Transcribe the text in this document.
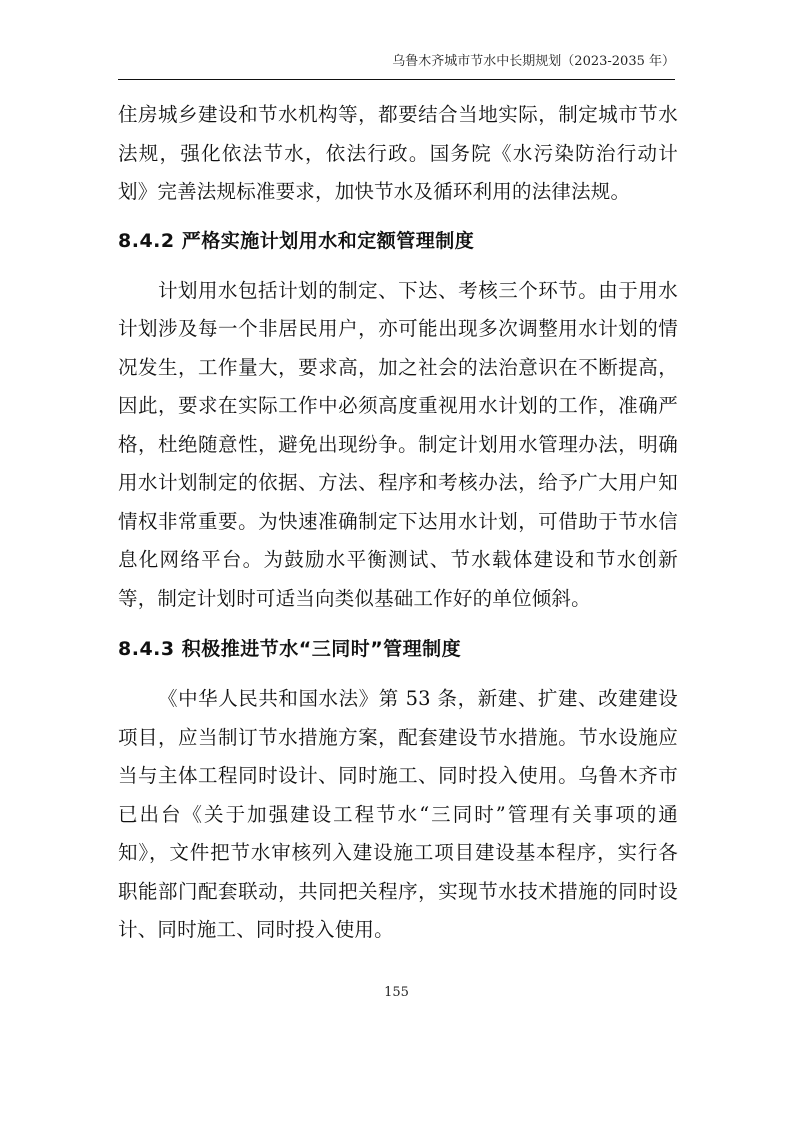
乌鲁木齐城市节水中长期规划（2023-2035 年）

住房城乡建设和节水机构等，都要结合当地实际，制定城市节水法规，强化依法节水，依法行政。国务院《水污染防治行动计划》完善法规标准要求，加快节水及循环利用的法律法规。

8.4.2 严格实施计划用水和定额管理制度

计划用水包括计划的制定、下达、考核三个环节。由于用水计划涉及每一个非居民用户，亦可能出现多次调整用水计划的情况发生，工作量大，要求高，加之社会的法治意识在不断提高，因此，要求在实际工作中必须高度重视用水计划的工作，准确严格，杜绝随意性，避免出现纷争。制定计划用水管理办法，明确用水计划制定的依据、方法、程序和考核办法，给予广大用户知情权非常重要。为快速准确制定下达用水计划，可借助于节水信息化网络平台。为鼓励水平衡测试、节水载体建设和节水创新等，制定计划时可适当向类似基础工作好的单位倾斜。

8.4.3 积极推进节水“三同时”管理制度

《中华人民共和国水法》第 53 条，新建、扩建、改建建设项目，应当制订节水措施方案，配套建设节水措施。节水设施应当与主体工程同时设计、同时施工、同时投入使用。乌鲁木齐市已出台《关于加强建设工程节水“三同时”管理有关事项的通知》，文件把节水审核列入建设施工项目建设基本程序，实行各职能部门配套联动，共同把关程序，实现节水技术措施的同时设计、同时施工、同时投入使用。

155
